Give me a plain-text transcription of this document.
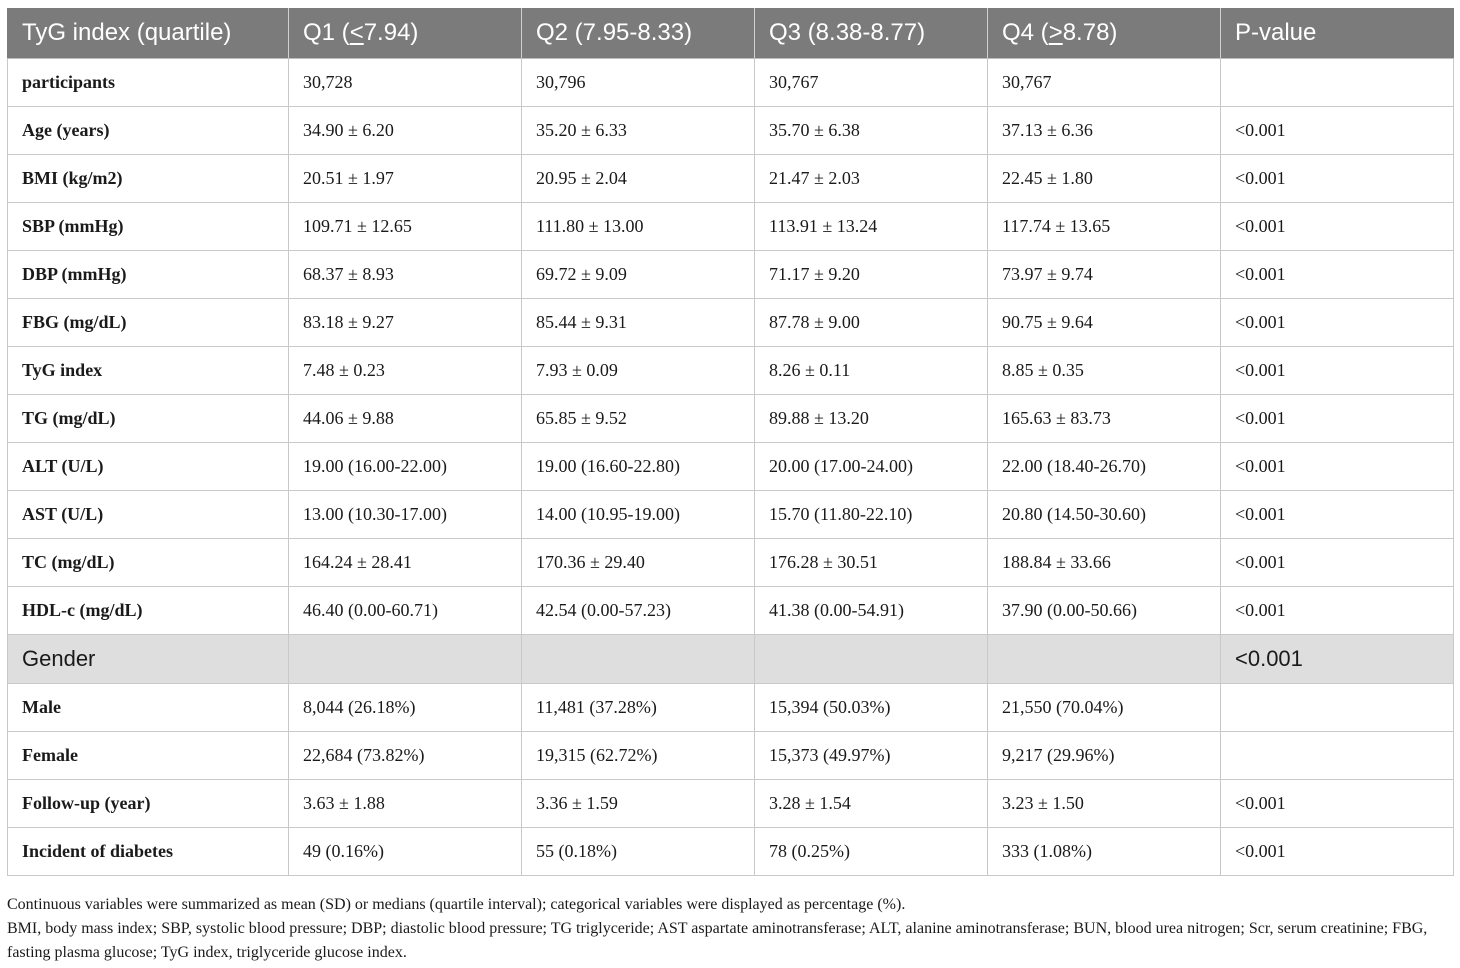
TyG index (quartile)	Q1 (<7.94)	Q2 (7.95-8.33)	Q3 (8.38-8.77)	Q4 (>8.78)	P-value
participants	30,728	30,796	30,767	30,767	
Age (years)	34.90 ± 6.20	35.20 ± 6.33	35.70 ± 6.38	37.13 ± 6.36	<0.001
BMI (kg/m2)	20.51 ± 1.97	20.95 ± 2.04	21.47 ± 2.03	22.45 ± 1.80	<0.001
SBP (mmHg)	109.71 ± 12.65	111.80 ± 13.00	113.91 ± 13.24	117.74 ± 13.65	<0.001
DBP (mmHg)	68.37 ± 8.93	69.72 ± 9.09	71.17 ± 9.20	73.97 ± 9.74	<0.001
FBG (mg/dL)	83.18 ± 9.27	85.44 ± 9.31	87.78 ± 9.00	90.75 ± 9.64	<0.001
TyG index	7.48 ± 0.23	7.93 ± 0.09	8.26 ± 0.11	8.85 ± 0.35	<0.001
TG (mg/dL)	44.06 ± 9.88	65.85 ± 9.52	89.88 ± 13.20	165.63 ± 83.73	<0.001
ALT (U/L)	19.00 (16.00-22.00)	19.00 (16.60-22.80)	20.00 (17.00-24.00)	22.00 (18.40-26.70)	<0.001
AST (U/L)	13.00 (10.30-17.00)	14.00 (10.95-19.00)	15.70 (11.80-22.10)	20.80 (14.50-30.60)	<0.001
TC (mg/dL)	164.24 ± 28.41	170.36 ± 29.40	176.28 ± 30.51	188.84 ± 33.66	<0.001
HDL-c (mg/dL)	46.40 (0.00-60.71)	42.54 (0.00-57.23)	41.38 (0.00-54.91)	37.90 (0.00-50.66)	<0.001
Gender					<0.001
Male	8,044 (26.18%)	11,481 (37.28%)	15,394 (50.03%)	21,550 (70.04%)	
Female	22,684 (73.82%)	19,315 (62.72%)	15,373 (49.97%)	9,217 (29.96%)	
Follow-up (year)	3.63 ± 1.88	3.36 ± 1.59	3.28 ± 1.54	3.23 ± 1.50	<0.001
Incident of diabetes	49 (0.16%)	55 (0.18%)	78 (0.25%)	333 (1.08%)	<0.001

Continuous variables were summarized as mean (SD) or medians (quartile interval); categorical variables were displayed as percentage (%).

BMI, body mass index; SBP, systolic blood pressure; DBP; diastolic blood pressure; TG triglyceride; AST aspartate aminotransferase; ALT, alanine aminotransferase; BUN, blood urea nitrogen; Scr, serum creatinine; FBG, fasting plasma glucose; TyG index, triglyceride glucose index.
